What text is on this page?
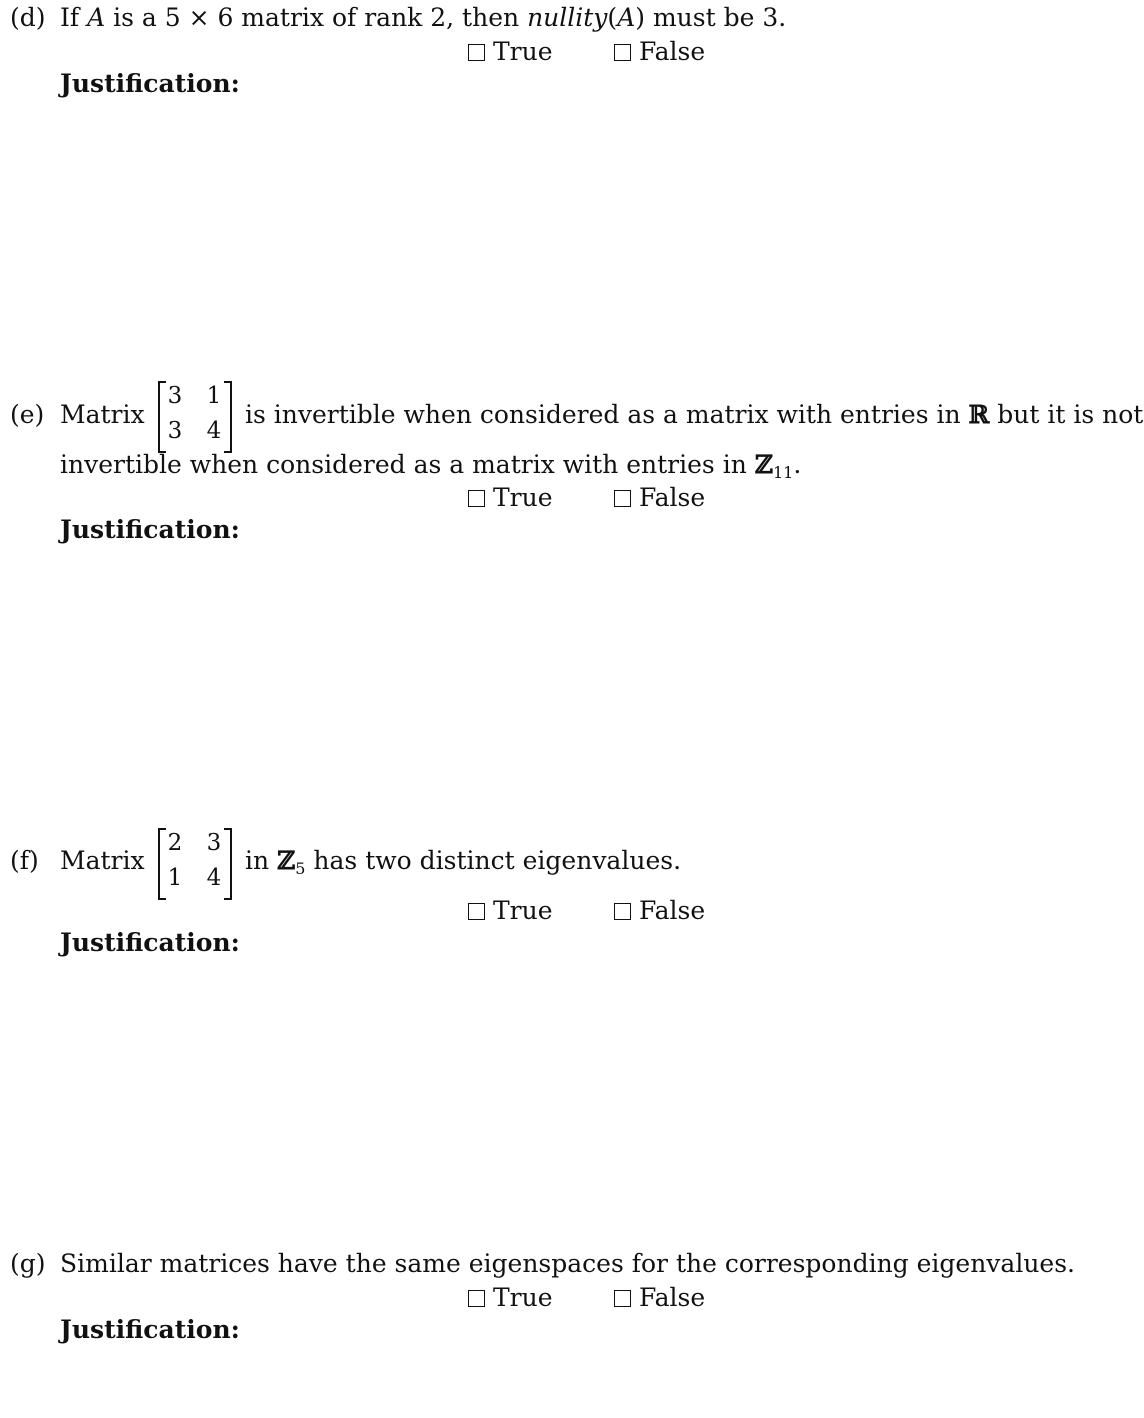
(d) If A is a 5 × 6 matrix of rank 2, then nullity(A) must be 3.
True	False
Justification:
(e) Matrix
3 1
3 4
is invertible when considered as a matrix with entries in ℝ but it is not
invertible when considered as a matrix with entries in ℤ$_{11}$.
True	False
Justification:
(f) Matrix
2 3
1 4
in ℤ$_5$ has two distinct eigenvalues.
True	False
Justification:
(g) Similar matrices have the same eigenspaces for the corresponding eigenvalues.
True	False
Justification:
